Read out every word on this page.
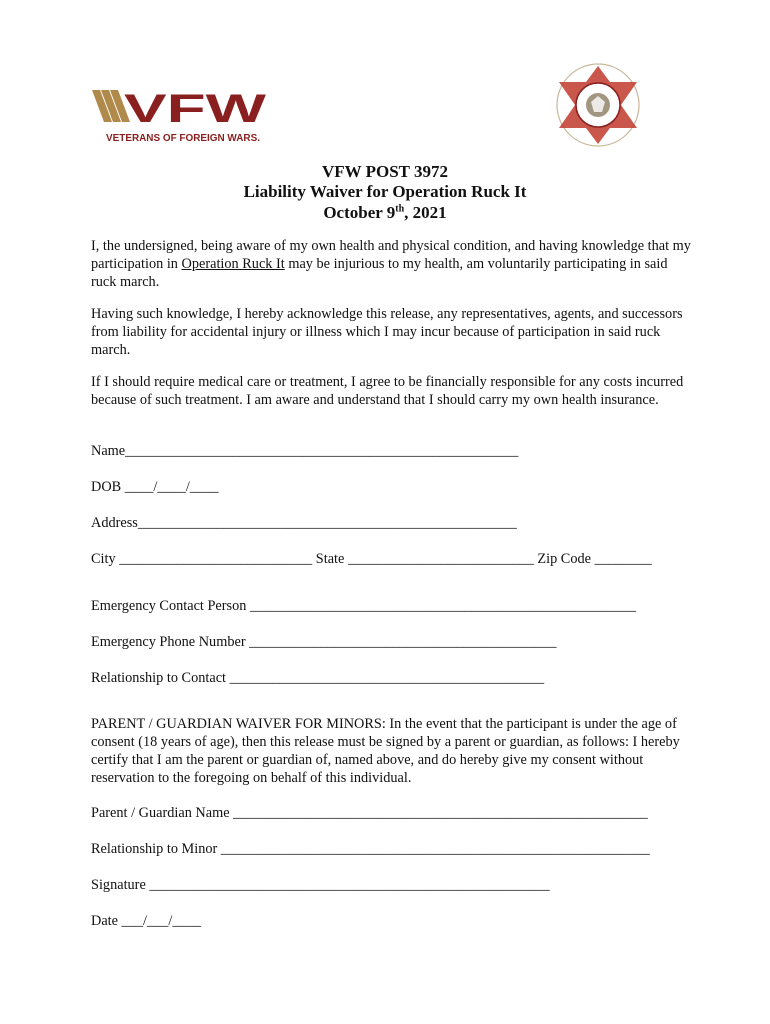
VFW
VETERANS OF FOREIGN WARS.
VFW POST 3972
Liability Waiver for Operation Ruck It
October 9th, 2021

I, the undersigned, being aware of my own health and physical condition, and having knowledge that my participation in Operation Ruck It may be injurious to my health, am voluntarily participating in said ruck march.

Having such knowledge, I hereby acknowledge this release, any representatives, agents, and successors from liability for accidental injury or illness which I may incur because of participation in said ruck march.

If I should require medical care or treatment, I agree to be financially responsible for any costs incurred because of such treatment. I am aware and understand that I should carry my own health insurance.

Name_______________________________________________________
DOB ____/____/____
Address_____________________________________________________
City ___________________________ State __________________________ Zip Code ________
Emergency Contact Person ______________________________________________________
Emergency Phone Number ___________________________________________
Relationship to Contact ____________________________________________

PARENT / GUARDIAN WAIVER FOR MINORS: In the event that the participant is under the age of consent (18 years of age), then this release must be signed by a parent or guardian, as follows: I hereby certify that I am the parent or guardian of, named above, and do hereby give my consent without reservation to the foregoing on behalf of this individual.

Parent / Guardian Name __________________________________________________________
Relationship to Minor ____________________________________________________________
Signature ________________________________________________________
Date ___/___/____
